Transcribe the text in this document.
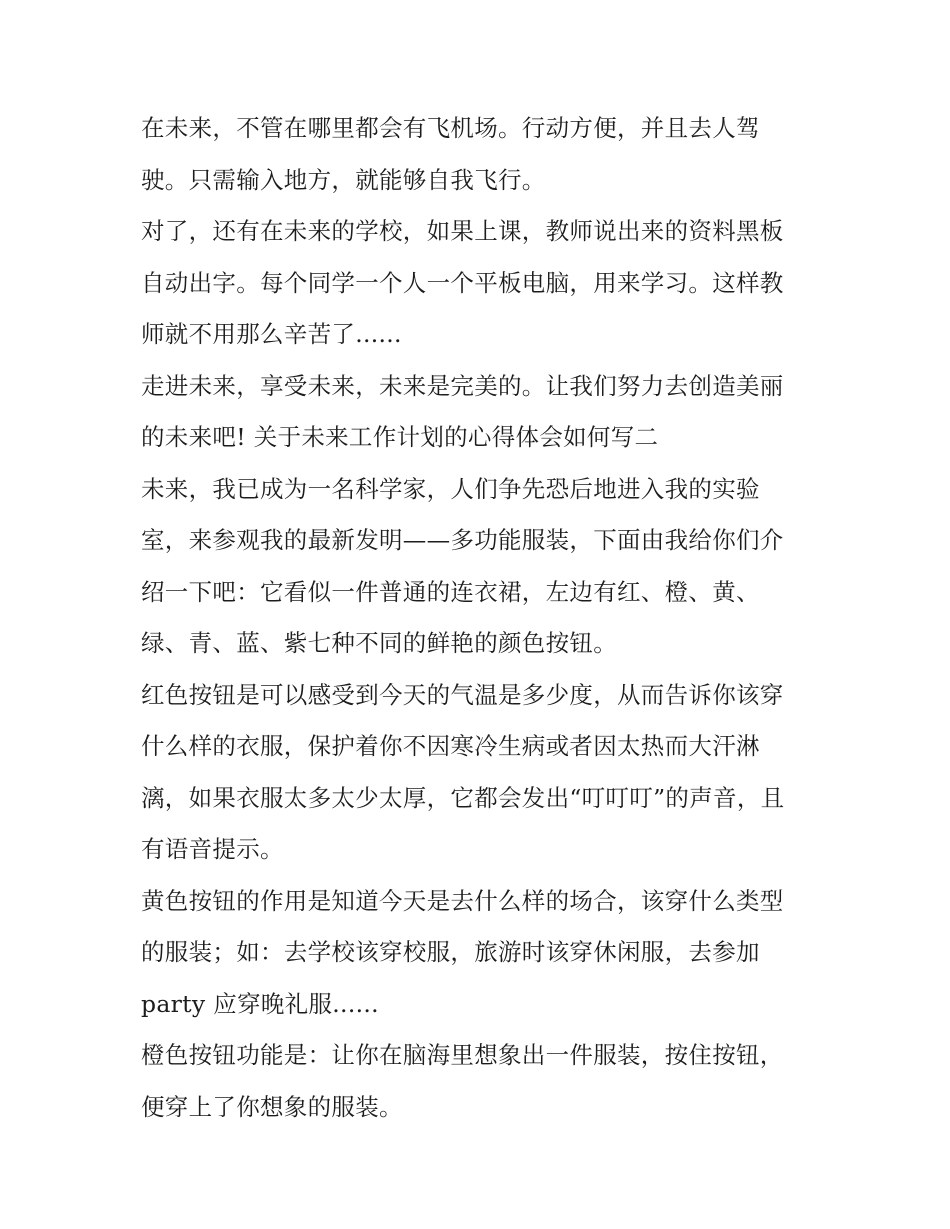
在未来，不管在哪里都会有飞机场。行动方便，并且去人驾
驶。只需输入地方，就能够自我飞行。
对了，还有在未来的学校，如果上课，教师说出来的资料黑板
自动出字。每个同学一个人一个平板电脑，用来学习。这样教
师就不用那么辛苦了......
走进未来，享受未来，未来是完美的。让我们努力去创造美丽
的未来吧! 关于未来工作计划的心得体会如何写二
未来，我已成为一名科学家，人们争先恐后地进入我的实验
室，来参观我的最新发明——多功能服装，下面由我给你们介
绍一下吧：它看似一件普通的连衣裙，左边有红、橙、黄、
绿、青、蓝、紫七种不同的鲜艳的颜色按钮。
红色按钮是可以感受到今天的气温是多少度，从而告诉你该穿
什么样的衣服，保护着你不因寒冷生病或者因太热而大汗淋
漓，如果衣服太多太少太厚，它都会发出“叮叮叮”的声音，且
有语音提示。
黄色按钮的作用是知道今天是去什么样的场合，该穿什么类型
的服装；如：去学校该穿校服，旅游时该穿休闲服，去参加
party 应穿晚礼服......
橙色按钮功能是：让你在脑海里想象出一件服装，按住按钮，
便穿上了你想象的服装。
